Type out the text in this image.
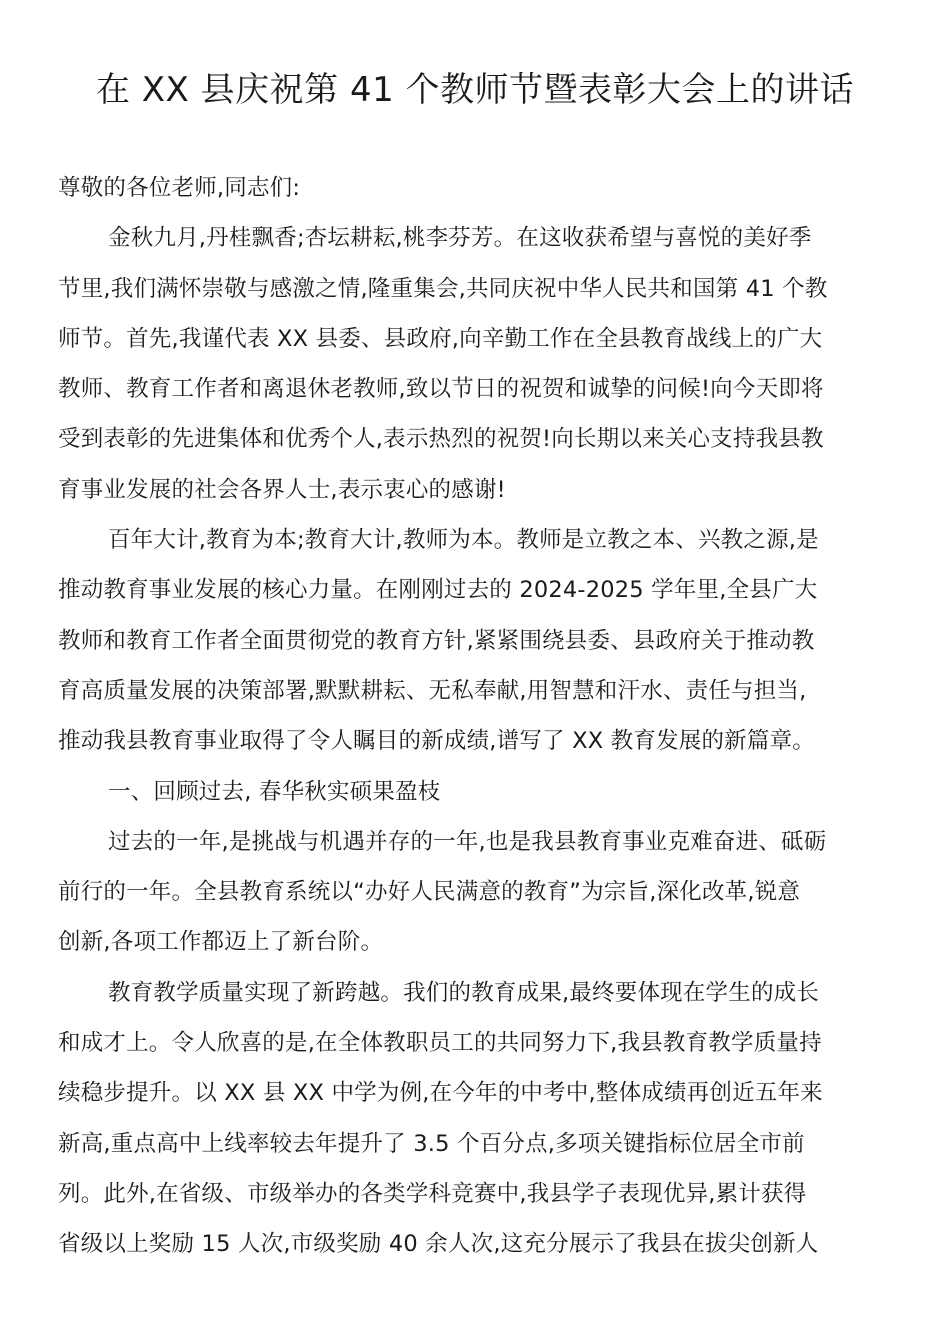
在 XX 县庆祝第 41 个教师节暨表彰大会上的讲话
尊敬的各位老师,同志们:
金秋九月,丹桂飘香;杏坛耕耘,桃李芬芳。在这收获希望与喜悦的美好季
节里,我们满怀崇敬与感激之情,隆重集会,共同庆祝中华人民共和国第 41 个教
师节。首先,我谨代表 XX 县委、县政府,向辛勤工作在全县教育战线上的广大
教师、教育工作者和离退休老教师,致以节日的祝贺和诚挚的问候!向今天即将
受到表彰的先进集体和优秀个人,表示热烈的祝贺!向长期以来关心支持我县教
育事业发展的社会各界人士,表示衷心的感谢!
百年大计,教育为本;教育大计,教师为本。教师是立教之本、兴教之源,是
推动教育事业发展的核心力量。在刚刚过去的 2024-2025 学年里,全县广大
教师和教育工作者全面贯彻党的教育方针,紧紧围绕县委、县政府关于推动教
育高质量发展的决策部署,默默耕耘、无私奉献,用智慧和汗水、责任与担当,
推动我县教育事业取得了令人瞩目的新成绩,谱写了 XX 教育发展的新篇章。
一、回顾过去, 春华秋实硕果盈枝
过去的一年,是挑战与机遇并存的一年,也是我县教育事业克难奋进、砥砺
前行的一年。全县教育系统以“办好人民满意的教育”为宗旨,深化改革,锐意
创新,各项工作都迈上了新台阶。
教育教学质量实现了新跨越。我们的教育成果,最终要体现在学生的成长
和成才上。令人欣喜的是,在全体教职员工的共同努力下,我县教育教学质量持
续稳步提升。以 XX 县 XX 中学为例,在今年的中考中,整体成绩再创近五年来
新高,重点高中上线率较去年提升了 3.5 个百分点,多项关键指标位居全市前
列。此外,在省级、市级举办的各类学科竞赛中,我县学子表现优异,累计获得
省级以上奖励 15 人次,市级奖励 40 余人次,这充分展示了我县在拔尖创新人
